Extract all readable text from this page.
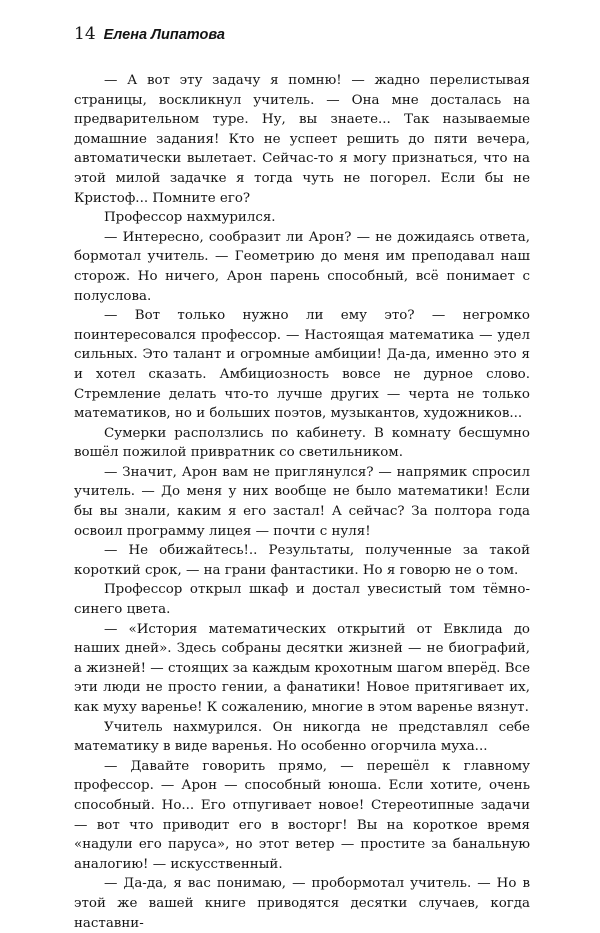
14 Елена Липатова

— А вот эту задачу я помню! — жадно перелистывая страницы, воскликнул учитель. — Она мне досталась на предварительном туре. Ну, вы знаете... Так называемые домашние задания! Кто не успеет решить до пяти вечера, автоматически вылетает. Сейчас-то я могу признаться, что на этой милой задачке я тогда чуть не погорел. Если бы не Кристоф... Помните его?

Профессор нахмурился.

— Интересно, сообразит ли Арон? — не дожидаясь ответа, бормотал учитель. — Геометрию до меня им преподавал наш сторож. Но ничего, Арон парень способный, всё понимает с полуслова.

— Вот только нужно ли ему это? — негромко поинтересовался профессор. — Настоящая математика — удел сильных. Это талант и огромные амбиции! Да-да, именно это я и хотел сказать. Амбициозность вовсе не дурное слово. Стремление делать что-то лучше других — черта не только математиков, но и больших поэтов, музыкантов, художников...

Сумерки расползлись по кабинету. В комнату бесшумно вошёл пожилой привратник со светильником.

— Значит, Арон вам не приглянулся? — напрямик спросил учитель. — До меня у них вообще не было математики! Если бы вы знали, каким я его застал! А сейчас? За полтора года освоил программу лицея — почти с нуля!

— Не обижайтесь!.. Результаты, полученные за такой короткий срок, — на грани фантастики. Но я говорю не о том.

Профессор открыл шкаф и достал увесистый том тёмно-синего цвета.

— «История математических открытий от Евклида до наших дней». Здесь собраны десятки жизней — не биографий, а жизней! — стоящих за каждым крохотным шагом вперёд. Все эти люди не просто гении, а фанатики! Новое притягивает их, как муху варенье! К сожалению, многие в этом варенье вязнут.

Учитель нахмурился. Он никогда не представлял себе математику в виде варенья. Но особенно огорчила муха...

— Давайте говорить прямо, — перешёл к главному профессор. — Арон — способный юноша. Если хотите, очень способный. Но... Его отпугивает новое! Стереотипные задачи — вот что приводит его в восторг! Вы на короткое время «надули его паруса», но этот ветер — простите за банальную аналогию! — искусственный.

— Да-да, я вас понимаю, — пробормотал учитель. — Но в этой же вашей книге приводятся десятки случаев, когда наставни-
